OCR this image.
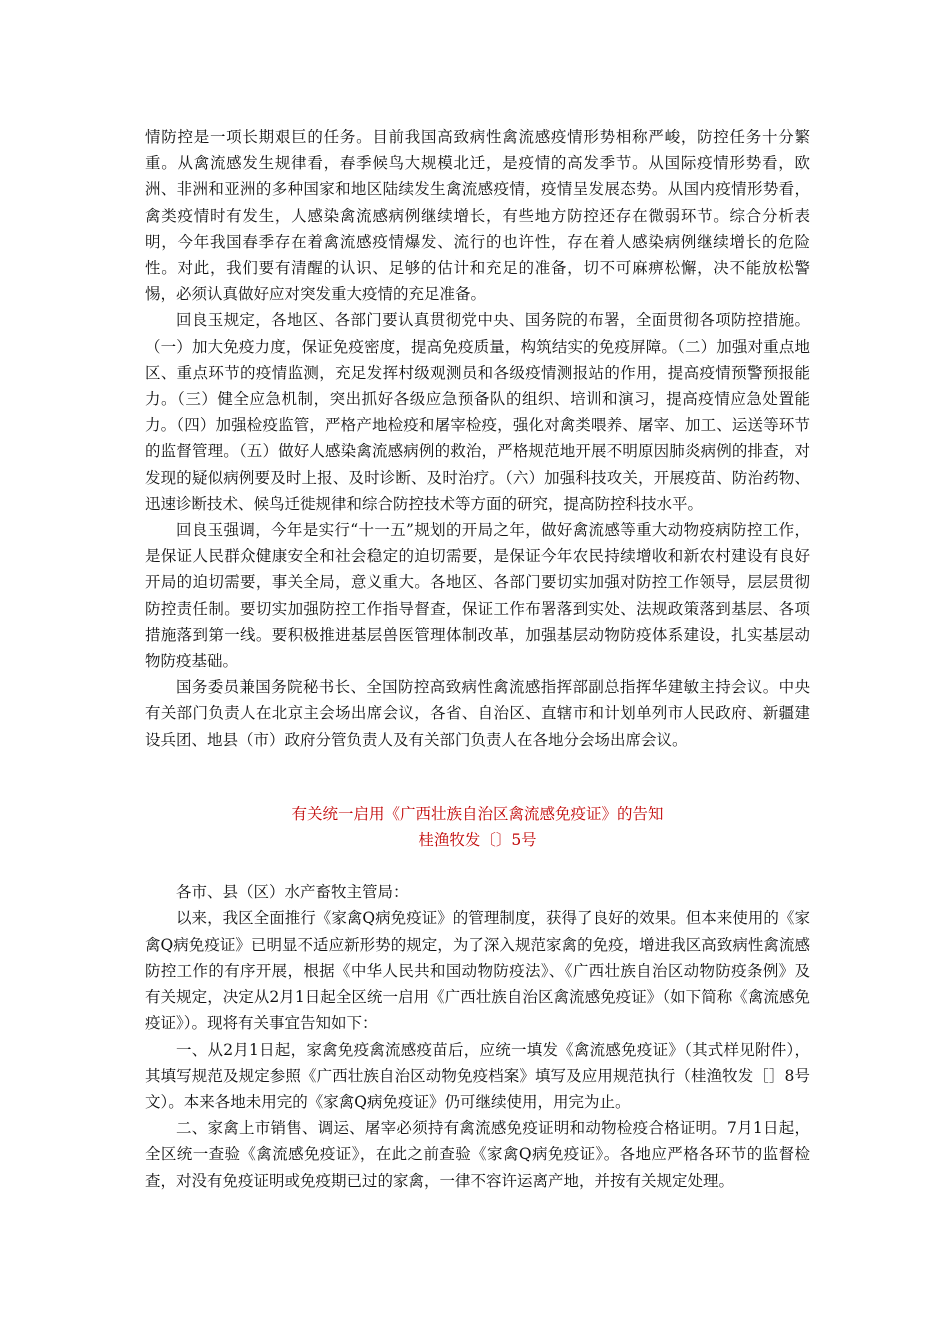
情防控是一项长期艰巨的任务。目前我国高致病性禽流感疫情形势相称严峻，防控任务十分繁重。从禽流感发生规律看，春季候鸟大规模北迁，是疫情的高发季节。从国际疫情形势看，欧洲、非洲和亚洲的多种国家和地区陆续发生禽流感疫情，疫情呈发展态势。从国内疫情形势看，禽类疫情时有发生，人感染禽流感病例继续增长，有些地方防控还存在微弱环节。综合分析表明，今年我国春季存在着禽流感疫情爆发、流行的也许性，存在着人感染病例继续增长的危险性。对此，我们要有清醒的认识、足够的估计和充足的准备，切不可麻痹松懈，决不能放松警惕，必须认真做好应对突发重大疫情的充足准备。

回良玉规定，各地区、各部门要认真贯彻党中央、国务院的布署，全面贯彻各项防控措施。（一）加大免疫力度，保证免疫密度，提高免疫质量，构筑结实的免疫屏障。（二）加强对重点地区、重点环节的疫情监测，充足发挥村级观测员和各级疫情测报站的作用，提高疫情预警预报能力。（三）健全应急机制，突出抓好各级应急预备队的组织、培训和演习，提高疫情应急处置能力。（四）加强检疫监管，严格产地检疫和屠宰检疫，强化对禽类喂养、屠宰、加工、运送等环节的监督管理。（五）做好人感染禽流感病例的救治，严格规范地开展不明原因肺炎病例的排查，对发现的疑似病例要及时上报、及时诊断、及时治疗。（六）加强科技攻关，开展疫苗、防治药物、迅速诊断技术、候鸟迁徙规律和综合防控技术等方面的研究，提高防控科技水平。

回良玉强调，今年是实行“十一五”规划的开局之年，做好禽流感等重大动物疫病防控工作，是保证人民群众健康安全和社会稳定的迫切需要，是保证今年农民持续增收和新农村建设有良好开局的迫切需要，事关全局，意义重大。各地区、各部门要切实加强对防控工作领导，层层贯彻防控责任制。要切实加强防控工作指导督查，保证工作布署落到实处、法规政策落到基层、各项措施落到第一线。要积极推进基层兽医管理体制改革，加强基层动物防疫体系建设，扎实基层动物防疫基础。

国务委员兼国务院秘书长、全国防控高致病性禽流感指挥部副总指挥华建敏主持会议。中央有关部门负责人在北京主会场出席会议，各省、自治区、直辖市和计划单列市人民政府、新疆建设兵团、地县（市）政府分管负责人及有关部门负责人在各地分会场出席会议。

有关统一启用《广西壮族自治区禽流感免疫证》的告知

桂渔牧发〔〕5号

各市、县（区）水产畜牧主管局：

以来，我区全面推行《家禽Q病免疫证》的管理制度，获得了良好的效果。但本来使用的《家禽Q病免疫证》已明显不适应新形势的规定，为了深入规范家禽的免疫，增进我区高致病性禽流感防控工作的有序开展，根据《中华人民共和国动物防疫法》、《广西壮族自治区动物防疫条例》及有关规定，决定从2月1日起全区统一启用《广西壮族自治区禽流感免疫证》（如下简称《禽流感免疫证》）。现将有关事宜告知如下：

一、从2月1日起，家禽免疫禽流感疫苗后，应统一填发《禽流感免疫证》（其式样见附件），其填写规范及规定参照《广西壮族自治区动物免疫档案》填写及应用规范执行（桂渔牧发［］8号文）。本来各地未用完的《家禽Q病免疫证》仍可继续使用，用完为止。

二、家禽上市销售、调运、屠宰必须持有禽流感免疫证明和动物检疫合格证明。7月1日起，全区统一查验《禽流感免疫证》，在此之前查验《家禽Q病免疫证》。各地应严格各环节的监督检查，对没有免疫证明或免疫期已过的家禽，一律不容许运离产地，并按有关规定处理。
